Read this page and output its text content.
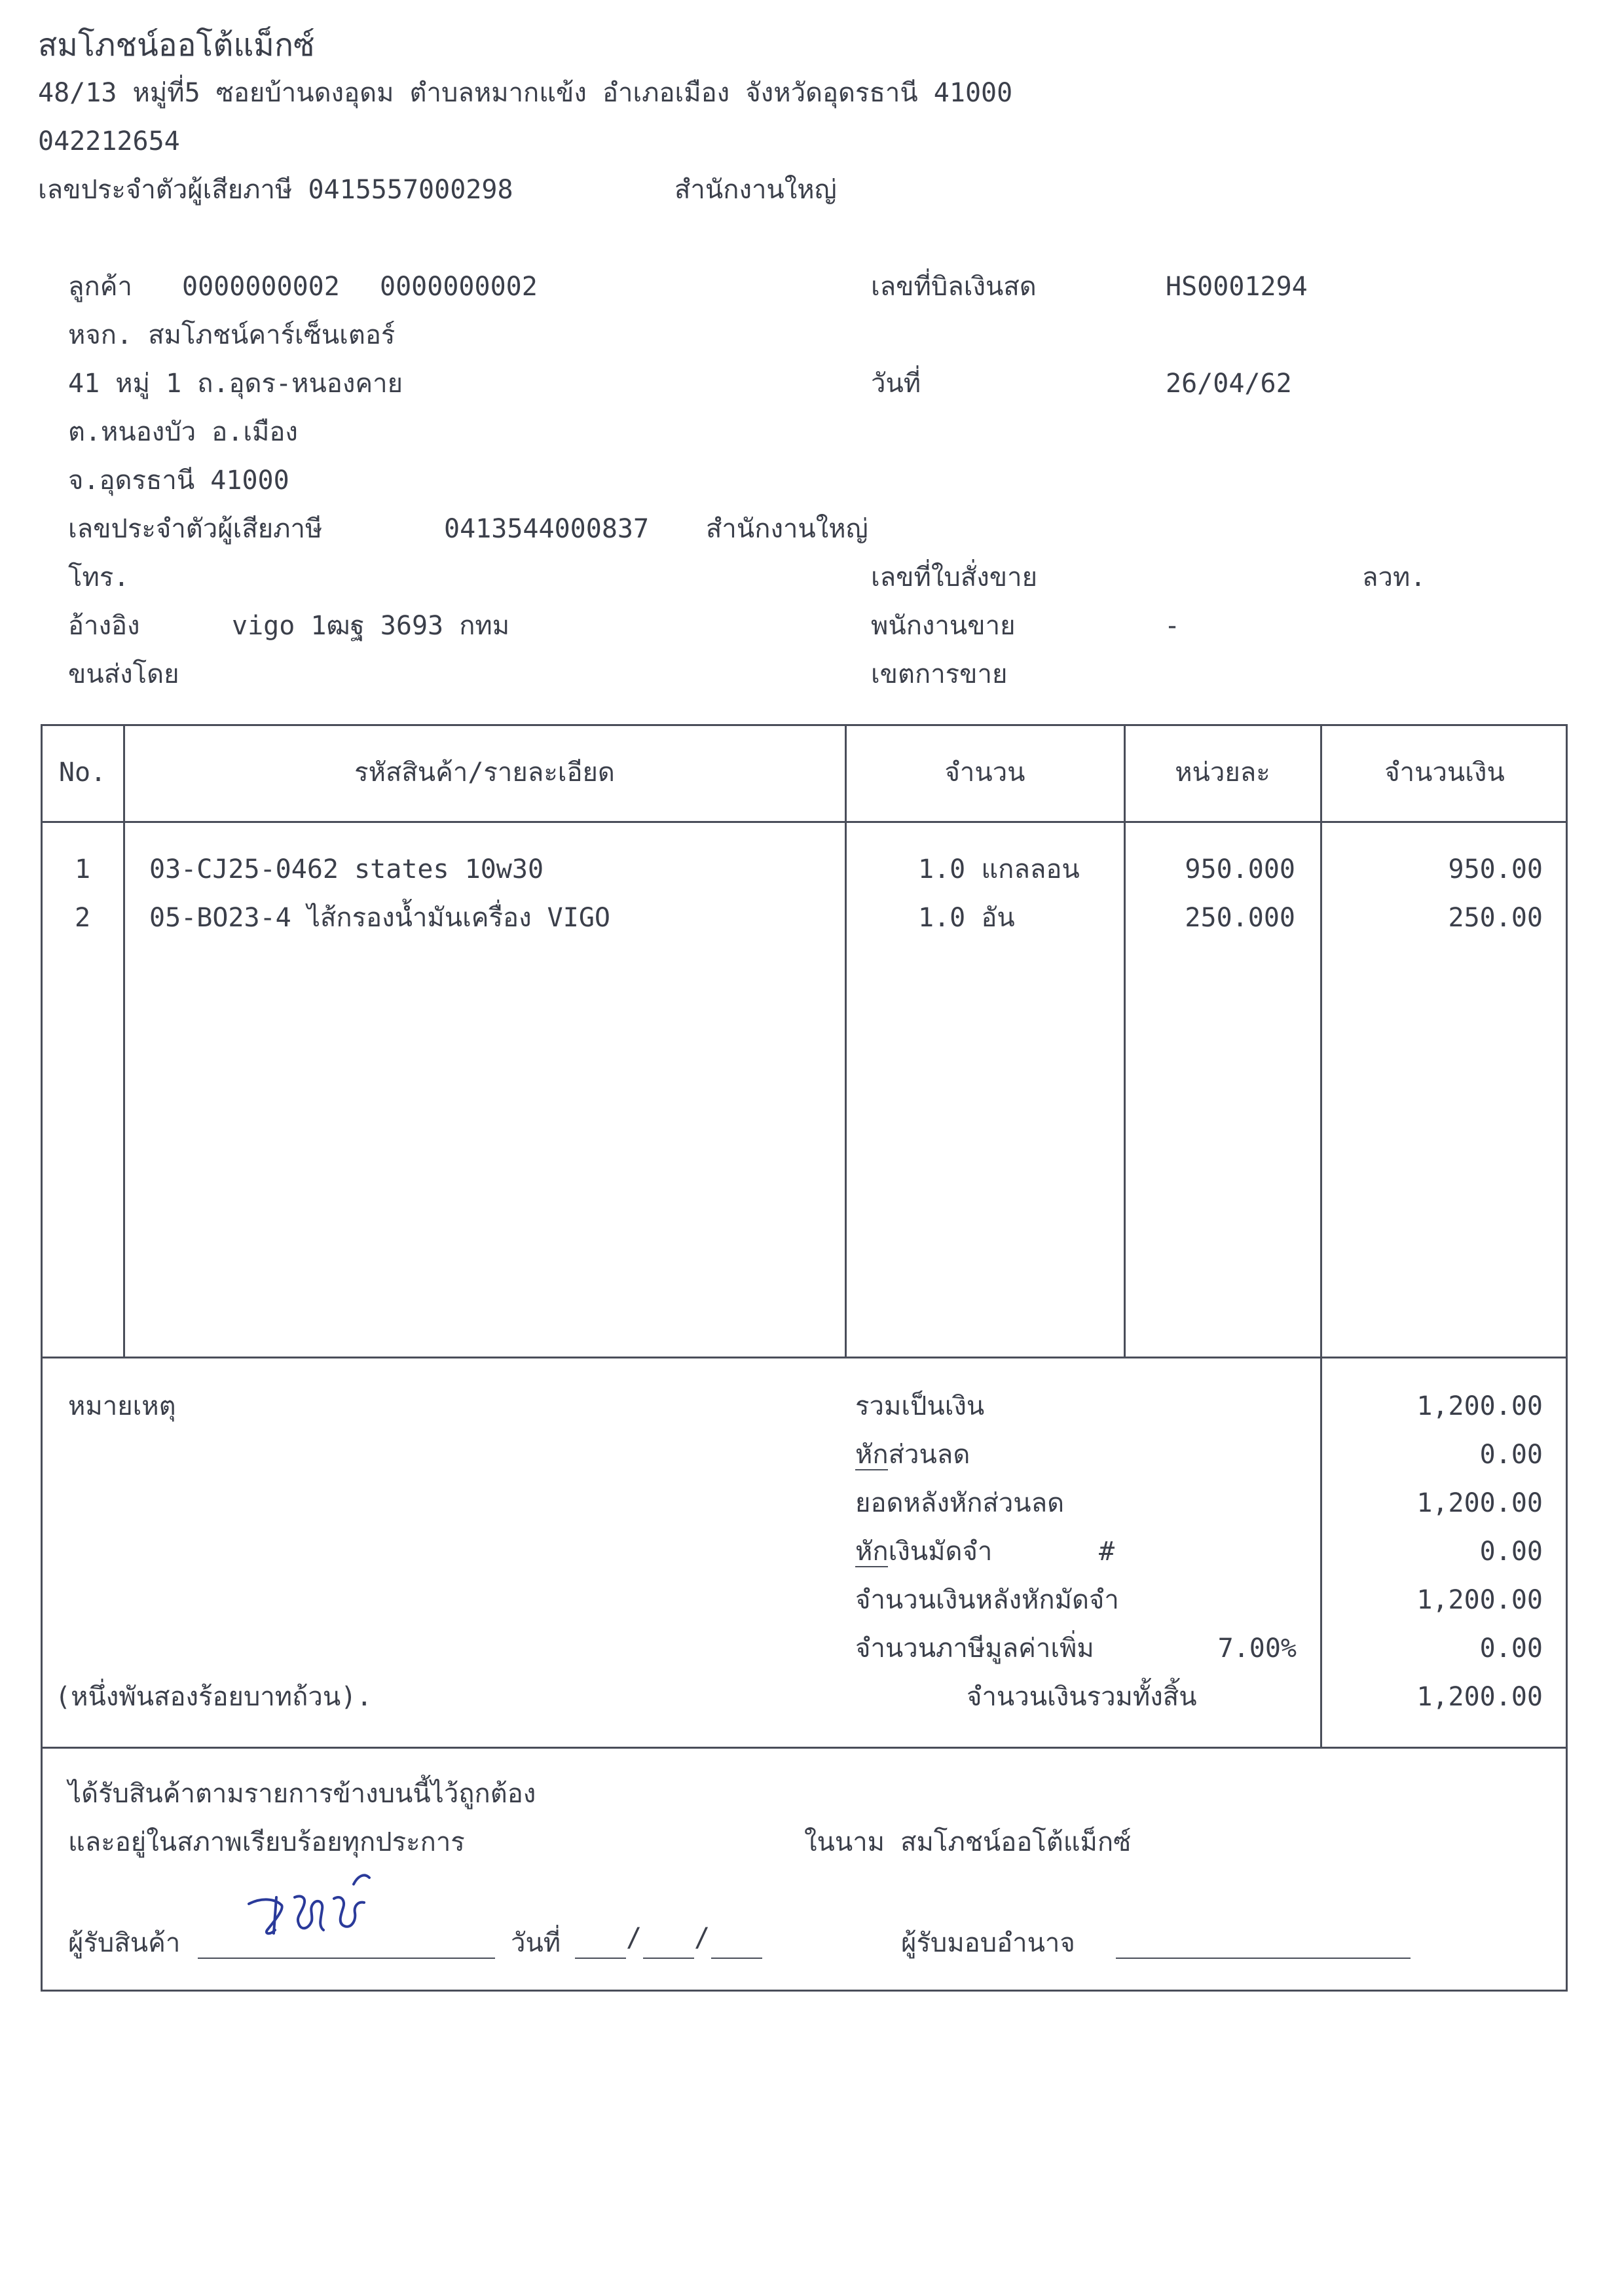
สมโภชน์ออโต้แม็กซ์
48/13 หมู่ที่5 ซอยบ้านดงอุดม ตำบลหมากแข้ง อำเภอเมือง จังหวัดอุดรธานี 41000
042212654
เลขประจำตัวผู้เสียภาษี 0415557000298	สำนักงานใหญ่
ลูกค้า 0000000002 0000000002
หจก. สมโภชน์คาร์เซ็นเตอร์
41 หมู่ 1 ถ.อุดร-หนองคาย
ต.หนองบัว อ.เมือง
จ.อุดรธานี 41000
เลขประจำตัวผู้เสียภาษี	0413544000837 สำนักงานใหญ่
โทร.
อ้างอิง	vigo 1ฒฐ 3693 กทม
ขนส่งโดย
เลขที่บิลเงินสด	HS0001294
วันที่	26/04/62
เลขที่ใบสั่งขาย	ลวท.
พนักงานขาย	-
เขตการขาย
No.	รหัสสินค้า/รายละเอียด	จำนวน	หน่วยละ	จำนวนเงิน
1	03-CJ25-0462 states 10w30	1.0 แกลลอน	950.000	950.00
2	05-BO23-4 ไส้กรองน้ำมันเครื่อง VIGO	1.0 อัน	250.000	250.00
หมายเหตุ	รวมเป็นเงิน	1,200.00
หักส่วนลด	0.00
ยอดหลังหักส่วนลด	1,200.00
หักเงินมัดจำ	#	0.00
จำนวนเงินหลังหักมัดจำ	1,200.00
จำนวนภาษีมูลค่าเพิ่ม	7.00%	0.00
(หนึ่งพันสองร้อยบาทถ้วน).	จำนวนเงินรวมทั้งสิ้น	1,200.00
ได้รับสินค้าตามรายการข้างบนนี้ไว้ถูกต้อง
และอยู่ในสภาพเรียบร้อยทุกประการ	ในนาม สมโภชน์ออโต้แม็กซ์
ผู้รับสินค้า	วันที่ / /	ผู้รับมอบอำนาจ
